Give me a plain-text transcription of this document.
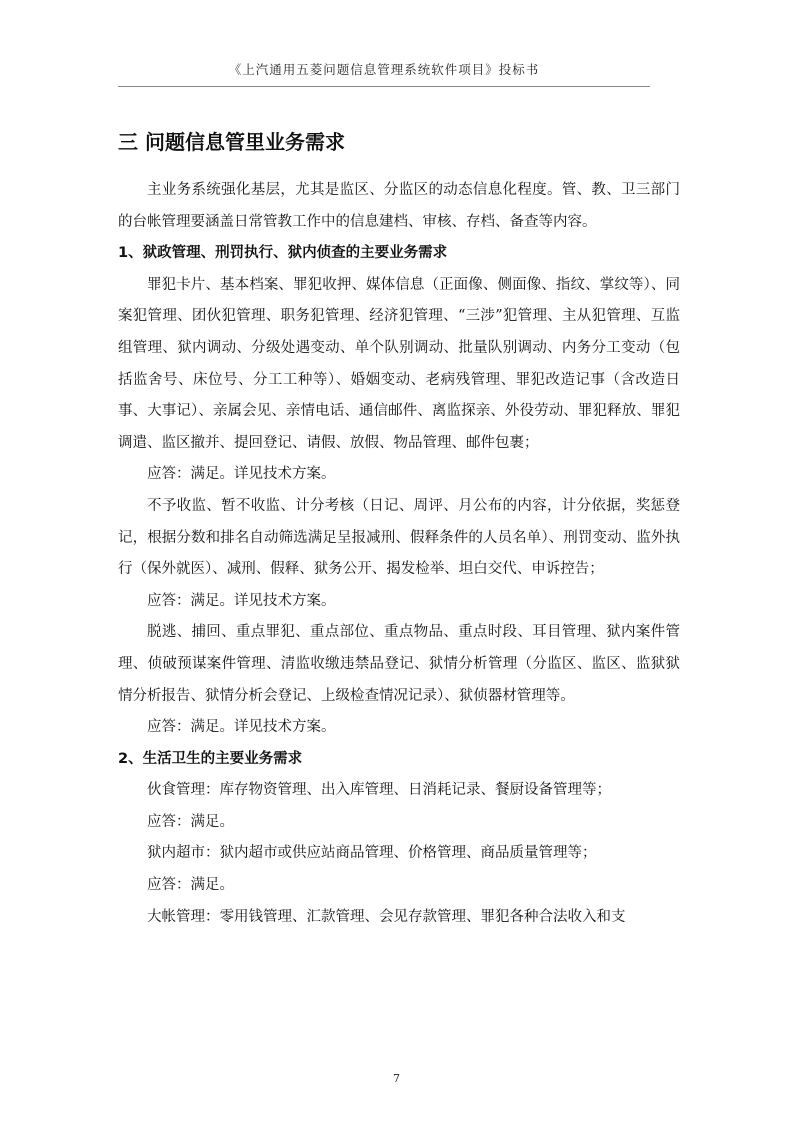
《上汽通用五菱问题信息管理系统软件项目》投标书
三 问题信息管里业务需求

主业务系统强化基层，尤其是监区、分监区的动态信息化程度。管、教、卫三部门的台帐管理要涵盖日常管教工作中的信息建档、审核、存档、备查等内容。

1、狱政管理、刑罚执行、狱内侦查的主要业务需求

罪犯卡片、基本档案、罪犯收押、媒体信息（正面像、侧面像、指纹、掌纹等）、同案犯管理、团伙犯管理、职务犯管理、经济犯管理、“三涉”犯管理、主从犯管理、互监组管理、狱内调动、分级处遇变动、单个队别调动、批量队别调动、内务分工变动（包括监舍号、床位号、分工工种等）、婚姻变动、老病残管理、罪犯改造记事（含改造日事、大事记）、亲属会见、亲情电话、通信邮件、离监探亲、外役劳动、罪犯释放、罪犯调遣、监区撤并、提回登记、请假、放假、物品管理、邮件包裹；

应答：满足。详见技术方案。

不予收监、暂不收监、计分考核（日记、周评、月公布的内容，计分依据，奖惩登记，根据分数和排名自动筛选满足呈报减刑、假释条件的人员名单）、刑罚变动、监外执行（保外就医）、减刑、假释、狱务公开、揭发检举、坦白交代、申诉控告；

应答：满足。详见技术方案。

脱逃、捕回、重点罪犯、重点部位、重点物品、重点时段、耳目管理、狱内案件管理、侦破预谋案件管理、清监收缴违禁品登记、狱情分析管理（分监区、监区、监狱狱情分析报告、狱情分析会登记、上级检查情况记录）、狱侦器材管理等。

应答：满足。详见技术方案。

2、生活卫生的主要业务需求

伙食管理：库存物资管理、出入库管理、日消耗记录、餐厨设备管理等；

应答：满足。

狱内超市：狱内超市或供应站商品管理、价格管理、商品质量管理等；

应答：满足。

大帐管理：零用钱管理、汇款管理、会见存款管理、罪犯各种合法收入和支

7
